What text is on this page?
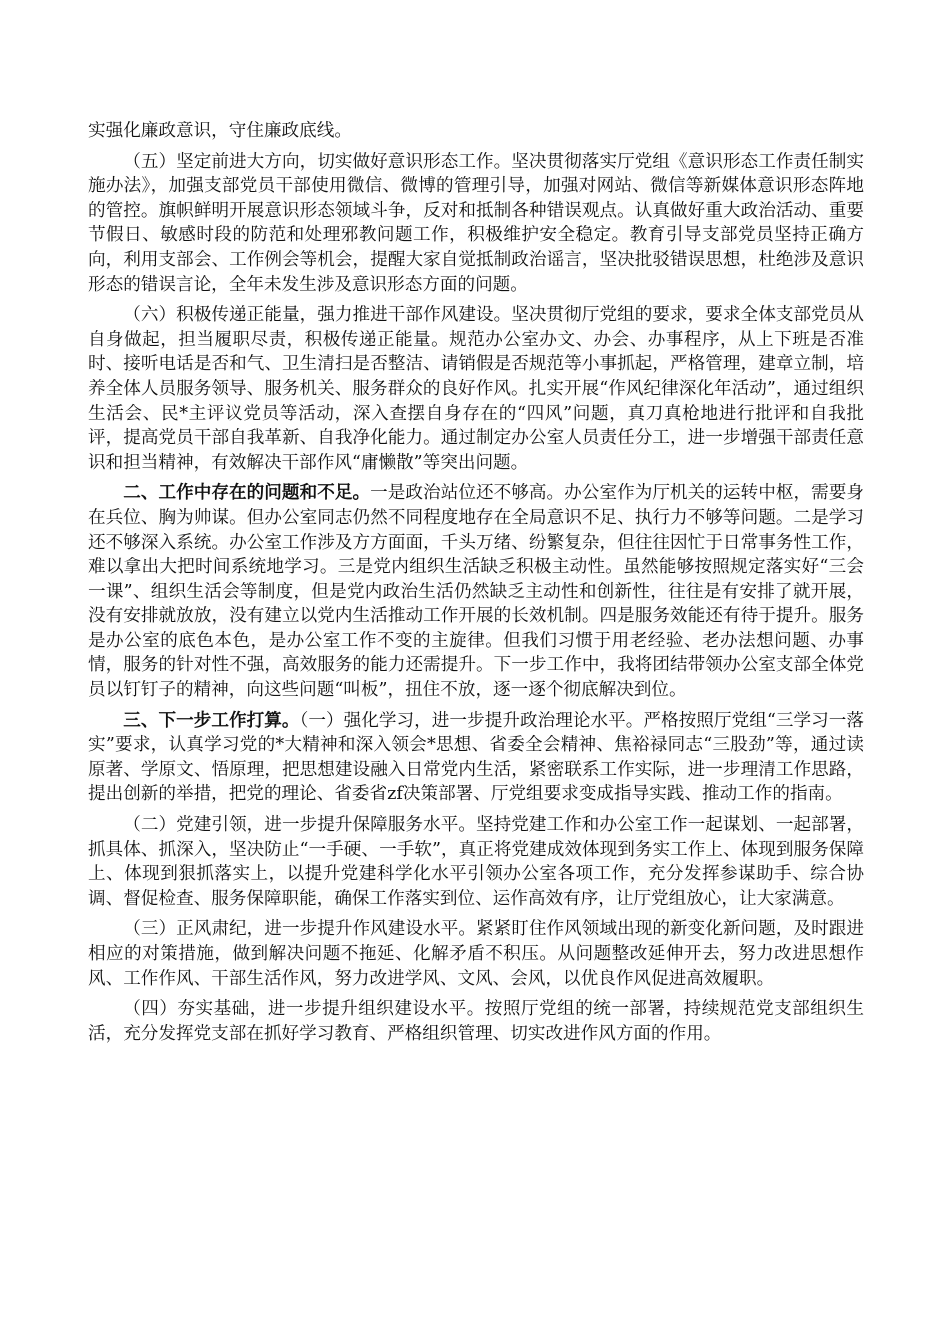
实强化廉政意识，守住廉政底线。

（五）坚定前进大方向，切实做好意识形态工作。坚决贯彻落实厅党组《意识形态工作责任制实施办法》，加强支部党员干部使用微信、微博的管理引导，加强对网站、微信等新媒体意识形态阵地的管控。旗帜鲜明开展意识形态领域斗争，反对和抵制各种错误观点。认真做好重大政治活动、重要节假日、敏感时段的防范和处理邪教问题工作，积极维护安全稳定。教育引导支部党员坚持正确方向，利用支部会、工作例会等机会，提醒大家自觉抵制政治谣言，坚决批驳错误思想，杜绝涉及意识形态的错误言论，全年未发生涉及意识形态方面的问题。

（六）积极传递正能量，强力推进干部作风建设。坚决贯彻厅党组的要求，要求全体支部党员从自身做起，担当履职尽责，积极传递正能量。规范办公室办文、办会、办事程序，从上下班是否准时、接听电话是否和气、卫生清扫是否整洁、请销假是否规范等小事抓起，严格管理，建章立制，培养全体人员服务领导、服务机关、服务群众的良好作风。扎实开展“作风纪律深化年活动”，通过组织生活会、民*主评议党员等活动，深入查摆自身存在的“四风”问题，真刀真枪地进行批评和自我批评，提高党员干部自我革新、自我净化能力。通过制定办公室人员责任分工，进一步增强干部责任意识和担当精神，有效解决干部作风“庸懒散”等突出问题。

二、工作中存在的问题和不足。一是政治站位还不够高。办公室作为厅机关的运转中枢，需要身在兵位、胸为帅谋。但办公室同志仍然不同程度地存在全局意识不足、执行力不够等问题。二是学习还不够深入系统。办公室工作涉及方方面面，千头万绪、纷繁复杂，但往往因忙于日常事务性工作，难以拿出大把时间系统地学习。三是党内组织生活缺乏积极主动性。虽然能够按照规定落实好“三会一课”、组织生活会等制度，但是党内政治生活仍然缺乏主动性和创新性，往往是有安排了就开展，没有安排就放放，没有建立以党内生活推动工作开展的长效机制。四是服务效能还有待于提升。服务是办公室的底色本色，是办公室工作不变的主旋律。但我们习惯于用老经验、老办法想问题、办事情，服务的针对性不强，高效服务的能力还需提升。下一步工作中，我将团结带领办公室支部全体党员以钉钉子的精神，向这些问题“叫板”，扭住不放，逐一逐个彻底解决到位。

三、下一步工作打算。（一）强化学习，进一步提升政治理论水平。严格按照厅党组“三学习一落实”要求，认真学习党的*大精神和深入领会*思想、省委全会精神、焦裕禄同志“三股劲”等，通过读原著、学原文、悟原理，把思想建设融入日常党内生活，紧密联系工作实际，进一步理清工作思路，提出创新的举措，把党的理论、省委省zf决策部署、厅党组要求变成指导实践、推动工作的指南。

（二）党建引领，进一步提升保障服务水平。坚持党建工作和办公室工作一起谋划、一起部署，抓具体、抓深入，坚决防止“一手硬、一手软”，真正将党建成效体现到务实工作上、体现到服务保障上、体现到狠抓落实上，以提升党建科学化水平引领办公室各项工作，充分发挥参谋助手、综合协调、督促检查、服务保障职能，确保工作落实到位、运作高效有序，让厅党组放心，让大家满意。

（三）正风肃纪，进一步提升作风建设水平。紧紧盯住作风领域出现的新变化新问题，及时跟进相应的对策措施，做到解决问题不拖延、化解矛盾不积压。从问题整改延伸开去，努力改进思想作风、工作作风、干部生活作风，努力改进学风、文风、会风，以优良作风促进高效履职。

（四）夯实基础，进一步提升组织建设水平。按照厅党组的统一部署，持续规范党支部组织生活，充分发挥党支部在抓好学习教育、严格组织管理、切实改进作风方面的作用。
